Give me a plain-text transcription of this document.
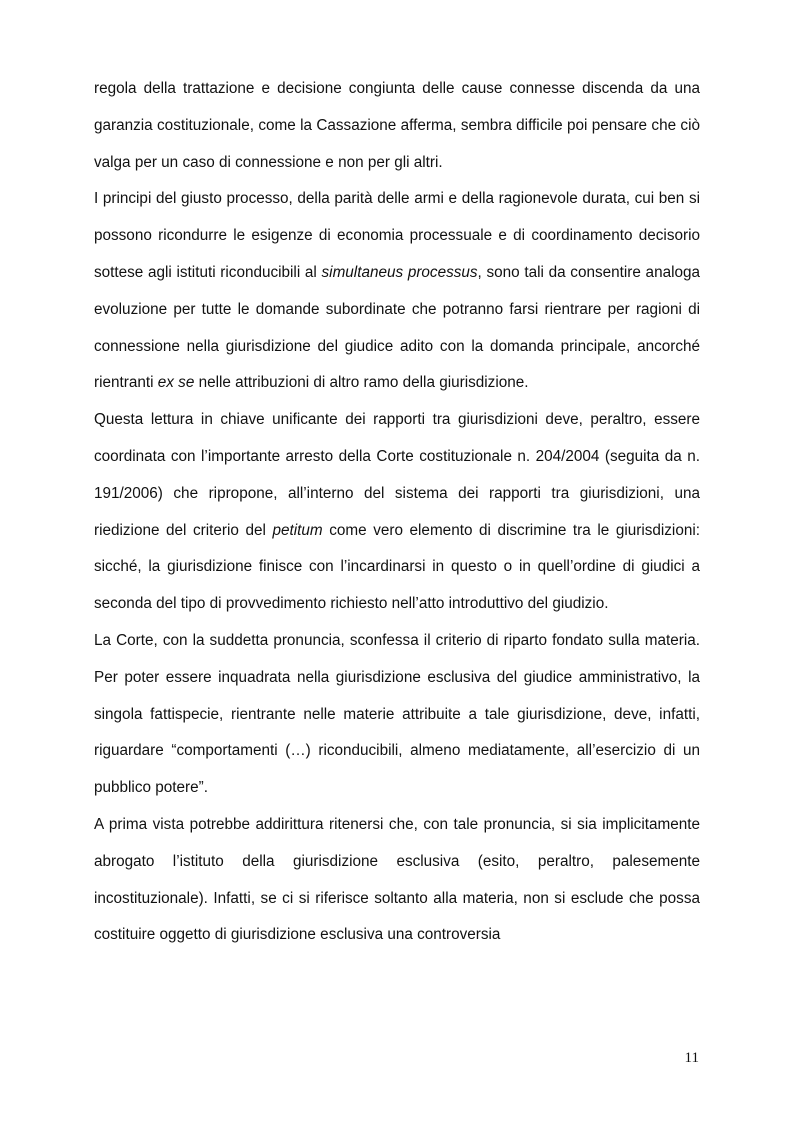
regola della trattazione e decisione congiunta delle cause connesse discenda da una garanzia costituzionale, come la Cassazione afferma, sembra difficile poi pensare che ciò valga per un caso di connessione e non per gli altri.

I principi del giusto processo, della parità delle armi e della ragionevole durata, cui ben si possono ricondurre le esigenze di economia processuale e di coordinamento decisorio sottese agli istituti riconducibili al simultaneus processus, sono tali da consentire analoga evoluzione per tutte le domande subordinate che potranno farsi rientrare per ragioni di connessione nella giurisdizione del giudice adito con la domanda principale, ancorché rientranti ex se nelle attribuzioni di altro ramo della giurisdizione.

Questa lettura in chiave unificante dei rapporti tra giurisdizioni deve, peraltro, essere coordinata con l’importante arresto della Corte costituzionale n. 204/2004 (seguita da n. 191/2006) che ripropone, all’interno del sistema dei rapporti tra giurisdizioni, una riedizione del criterio del petitum come vero elemento di discrimine tra le giurisdizioni: sicché, la giurisdizione finisce con l’incardinarsi in questo o in quell’ordine di giudici a seconda del tipo di provvedimento richiesto nell’atto introduttivo del giudizio.

La Corte, con la suddetta pronuncia, sconfessa il criterio di riparto fondato sulla materia. Per poter essere inquadrata nella giurisdizione esclusiva del giudice amministrativo, la singola fattispecie, rientrante nelle materie attribuite a tale giurisdizione, deve, infatti, riguardare “comportamenti (…) riconducibili, almeno mediatamente, all’esercizio di un pubblico potere”.

A prima vista potrebbe addirittura ritenersi che, con tale pronuncia, si sia implicitamente abrogato l’istituto della giurisdizione esclusiva (esito, peraltro, palesemente incostituzionale). Infatti, se ci si riferisce soltanto alla materia, non si esclude che possa costituire oggetto di giurisdizione esclusiva una controversia

11
